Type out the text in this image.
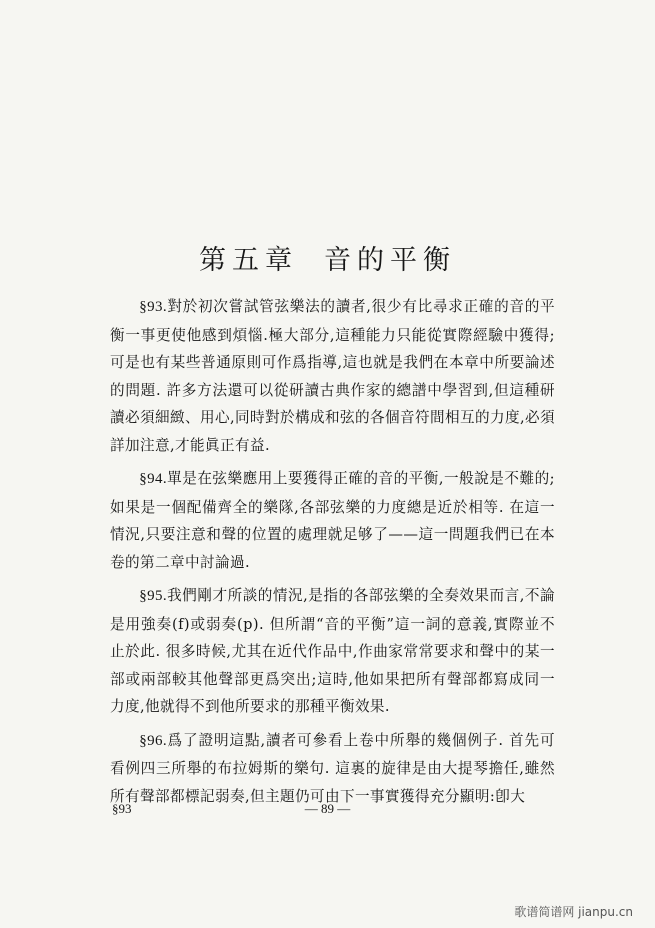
第五章 音的平衡

§93.對於初次嘗試管弦樂法的讀者,很少有比尋求正確的音的平衡一事更使他感到煩惱.極大部分,這種能力只能從實際經驗中獲得;可是也有某些普通原則可作爲指導,這也就是我們在本章中所要論述的問題. 許多方法還可以從研讀古典作家的總譜中學習到,但這種研讀必須細緻、用心,同時對於構成和弦的各個音符間相互的力度,必須詳加注意,才能眞正有益.

§94.單是在弦樂應用上要獲得正確的音的平衡,一般說是不難的;如果是一個配備齊全的樂隊,各部弦樂的力度總是近於相等. 在這一情況,只要注意和聲的位置的處理就足够了——這一問題我們已在本卷的第二章中討論過.

§95.我們剛才所談的情況,是指的各部弦樂的全奏效果而言,不論是用強奏(f)或弱奏(p). 但所謂“音的平衡”這一詞的意義,實際並不止於此. 很多時候,尤其在近代作品中,作曲家常常要求和聲中的某一部或兩部較其他聲部更爲突出;這時,他如果把所有聲部都寫成同一力度,他就得不到他所要求的那種平衡效果.

§96.爲了證明這點,讀者可參看上卷中所舉的幾個例子. 首先可看例四三所舉的布拉姆斯的樂句. 這裏的旋律是由大提琴擔任,雖然所有聲部都標記弱奏,但主題仍可由下一事實獲得充分顯明:卽大

§93	— 89 —
歌谱简谱网 jianpu.cn
